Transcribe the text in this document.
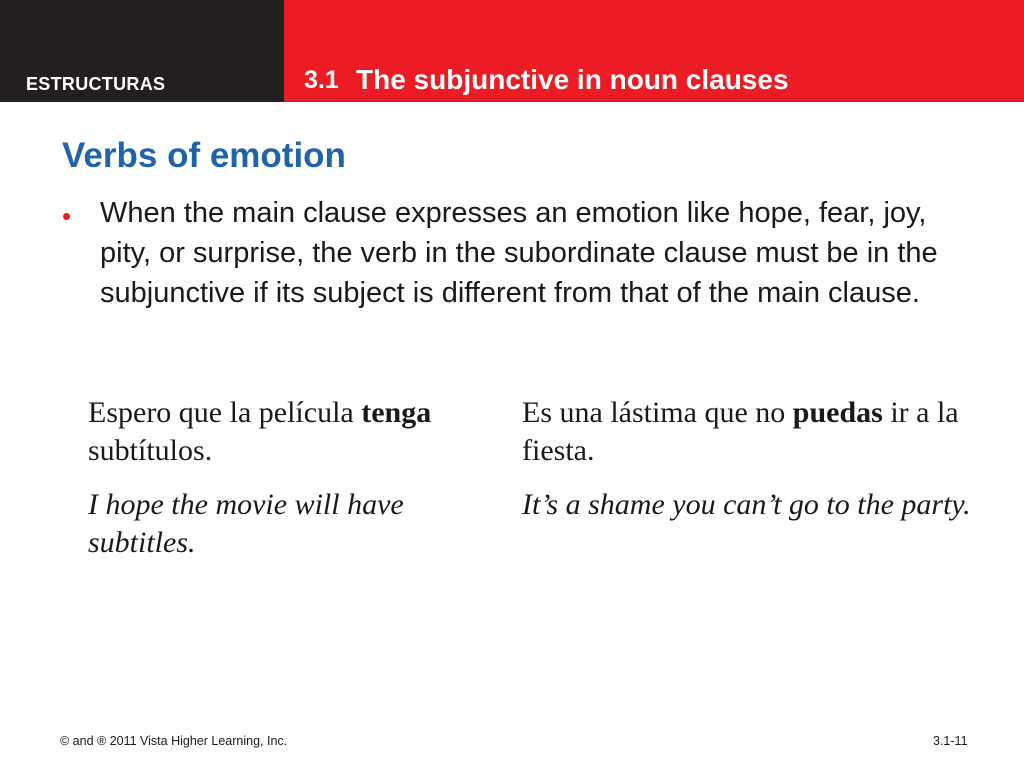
ESTRUCTURAS	3.1 The subjunctive in noun clauses
Verbs of emotion
• When the main clause expresses an emotion like hope, fear, joy, pity, or surprise, the verb in the subordinate clause must be in the subjunctive if its subject is different from that of the main clause.

Espero que la película tenga subtítulos.

I hope the movie will have subtitles.

Es una lástima que no puedas ir a la fiesta.

It’s a shame you can’t go to the party.

© and ® 2011 Vista Higher Learning, Inc.	3.1-11
